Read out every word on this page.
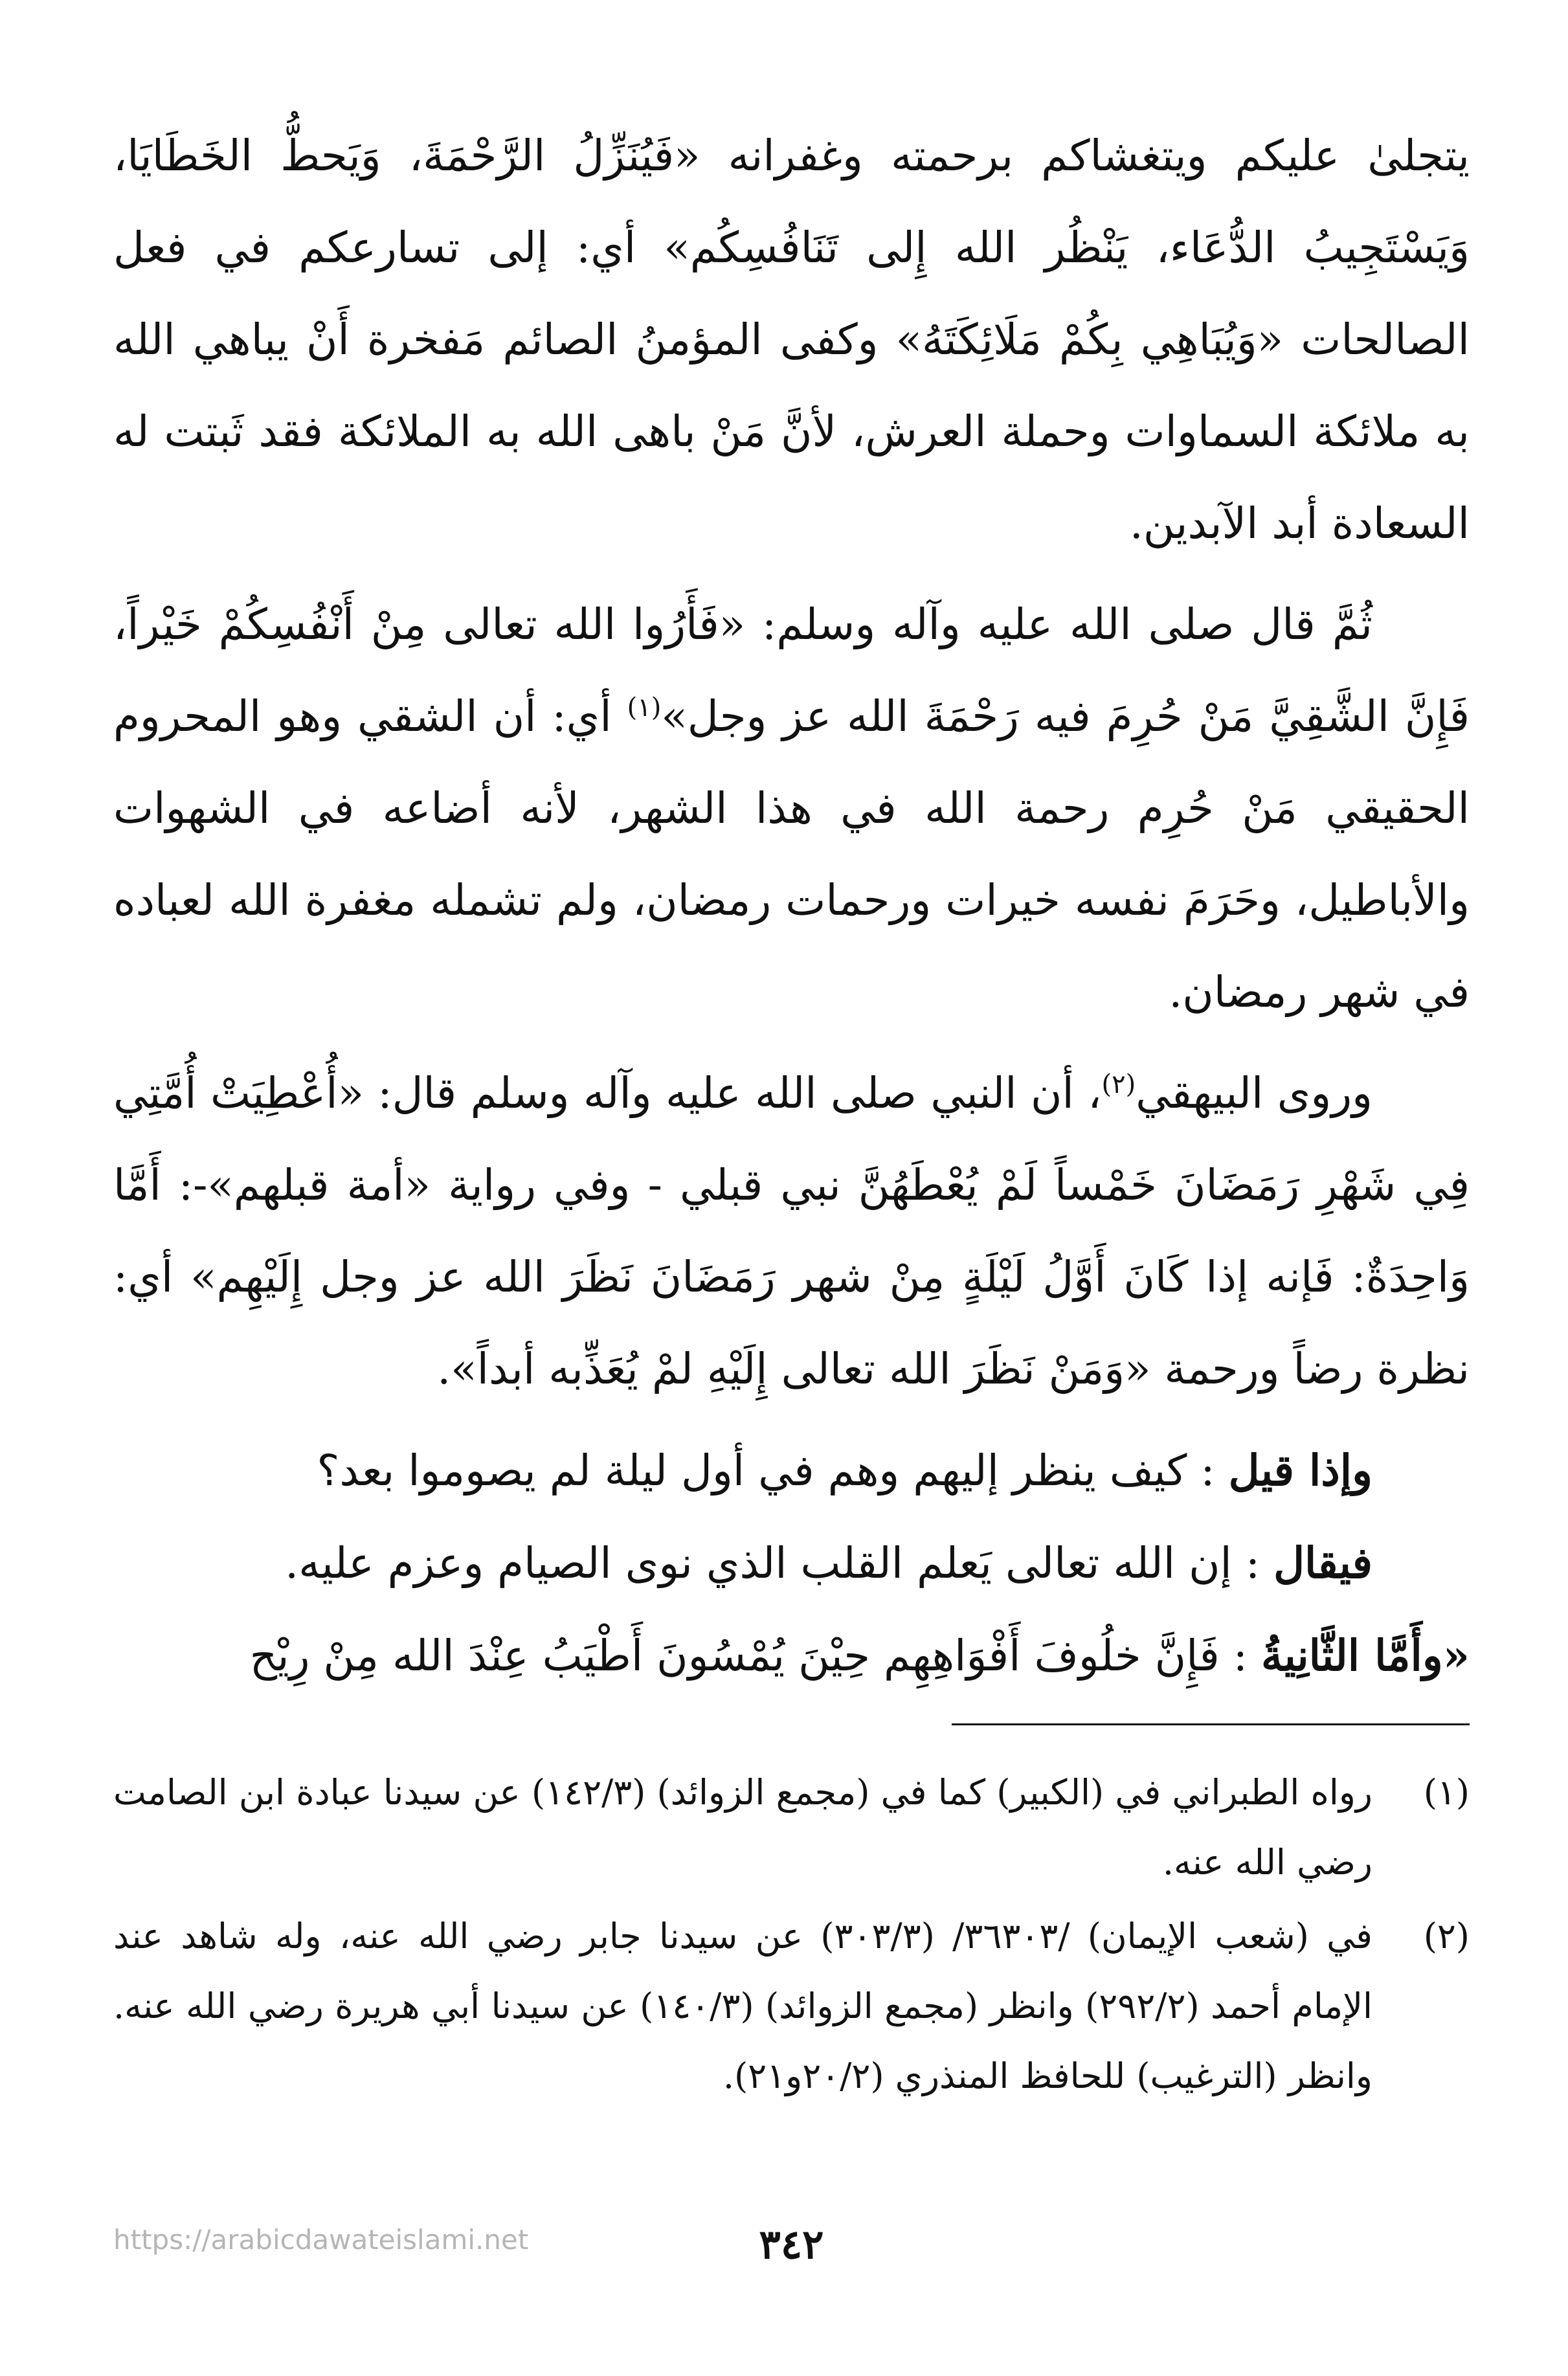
يتجلىٰ عليكم ويتغشاكم برحمته وغفرانه «فَيُنَزِّلُ الرَّحْمَةَ، وَيَحطُّ الخَطَايَا، وَيَسْتَجِيبُ الدُّعَاء، يَنْظُر الله إِلى تَنَافُسِكُم» أي: إلى تسارعكم في فعل الصالحات «وَيُبَاهِي بِكُمْ مَلَائِكَتَهُ» وكفى المؤمنُ الصائم مَفخرة أَنْ يباهي الله به ملائكة السماوات وحملة العرش، لأنَّ مَنْ باهى الله به الملائكة فقد ثَبتت له السعادة أبد الآبدين.

ثُمَّ قال صلى الله عليه وآله وسلم: «فَأَرُوا الله تعالى مِنْ أَنْفُسِكُمْ خَيْراً، فَإِنَّ الشَّقِيَّ مَنْ حُرِمَ فيه رَحْمَةَ الله عز وجل»$^{(١)}$ أي: أن الشقي وهو المحروم الحقيقي مَنْ حُرِم رحمة الله في هذا الشهر، لأنه أضاعه في الشهوات والأباطيل، وحَرَمَ نفسه خيرات ورحمات رمضان، ولم تشمله مغفرة الله لعباده في شهر رمضان.

وروى البيهقي$^{(٢)}$، أن النبي صلى الله عليه وآله وسلم قال: «أُعْطِيَتْ أُمَّتِي فِي شَهْرِ رَمَضَانَ خَمْساً لَمْ يُعْطَهُنَّ نبي قبلي - وفي رواية «أمة قبلهم»-: أَمَّا وَاحِدَةٌ: فَإنه إذا كَانَ أَوَّلُ لَيْلَةٍ مِنْ شهر رَمَضَانَ نَظَرَ الله عز وجل إِلَيْهِم» أي: نظرة رضاً ورحمة «وَمَنْ نَظَرَ الله تعالى إِلَيْهِ لمْ يُعَذِّبه أبداً».

وإذا قيل : كيف ينظر إليهم وهم في أول ليلة لم يصوموا بعد؟

فيقال : إن الله تعالى يَعلم القلب الذي نوى الصيام وعزم عليه.

«وأَمَّا الثَّانِيةُ : فَإِنَّ خلُوفَ أَفْوَاهِهِم حِيْنَ يُمْسُونَ أَطْيَبُ عِنْدَ الله مِنْ رِيْح

(١)
رواه الطبراني في (الكبير) كما في (مجمع الزوائد) (١٤٢/٣) عن سيدنا عبادة ابن الصامت رضي الله عنه.
(٢)
في (شعب الإيمان) /٣٦٣٠٣/ (٣٠٣/٣) عن سيدنا جابر رضي الله عنه، وله شاهد عند الإمام أحمد (٢٩٢/٢) وانظر (مجمع الزوائد) (١٤٠/٣) عن سيدنا أبي هريرة رضي الله عنه. وانظر (الترغيب) للحافظ المنذري (٢٠/٢و٢١).
٣٤٢
https://arabicdawateislami.net
